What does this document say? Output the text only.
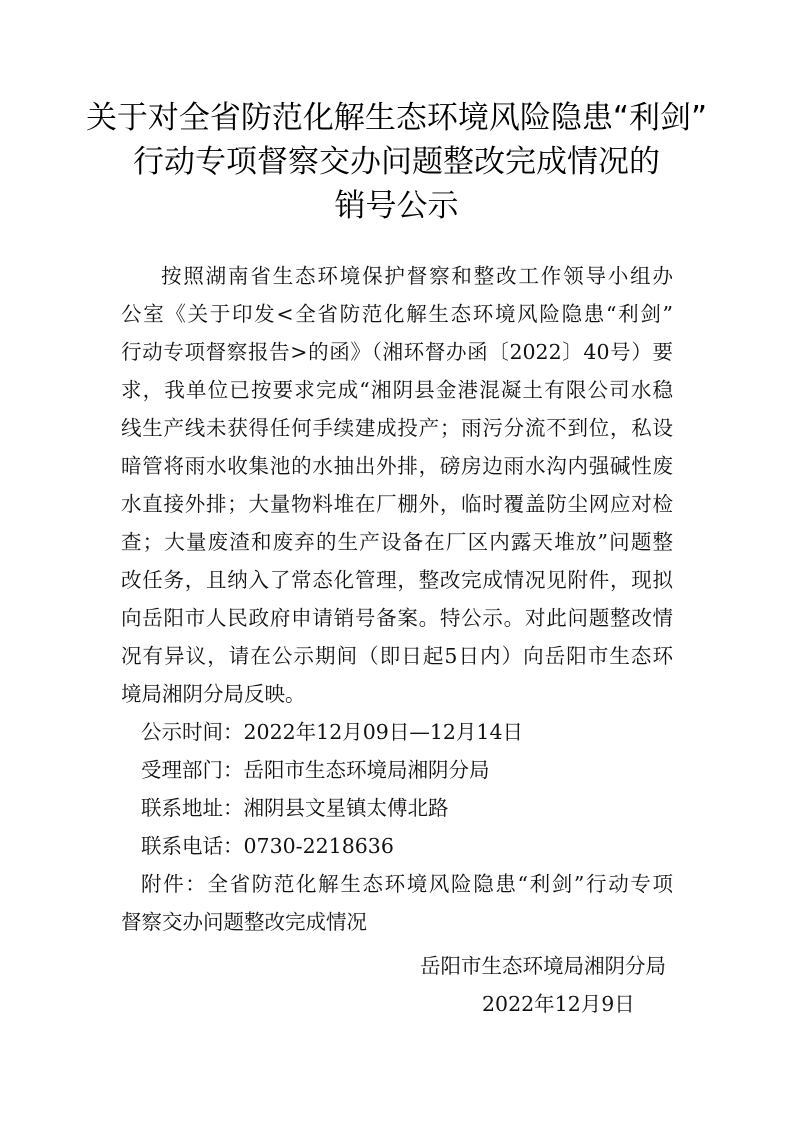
关于对全省防范化解生态环境风险隐患“利剑”
行动专项督察交办问题整改完成情况的
销号公示
按照湖南省生态环境保护督察和整改工作领导小组办
公室《关于印发<全省防范化解生态环境风险隐患“利剑”
行动专项督察报告>的函》（湘环督办函〔2022〕40号）要
求，我单位已按要求完成“湘阴县金港混凝土有限公司水稳
线生产线未获得任何手续建成投产；雨污分流不到位，私设
暗管将雨水收集池的水抽出外排，磅房边雨水沟内强碱性废
水直接外排；大量物料堆在厂棚外，临时覆盖防尘网应对检
查；大量废渣和废弃的生产设备在厂区内露天堆放”问题整
改任务，且纳入了常态化管理，整改完成情况见附件，现拟
向岳阳市人民政府申请销号备案。特公示。对此问题整改情
况有异议，请在公示期间（即日起5日内）向岳阳市生态环
境局湘阴分局反映。
公示时间：2022年12月09日—12月14日
受理部门：岳阳市生态环境局湘阴分局
联系地址：湘阴县文星镇太傅北路
联系电话：0730-2218636
附件：全省防范化解生态环境风险隐患“利剑”行动专项
督察交办问题整改完成情况
岳阳市生态环境局湘阴分局
2022年12月9日
